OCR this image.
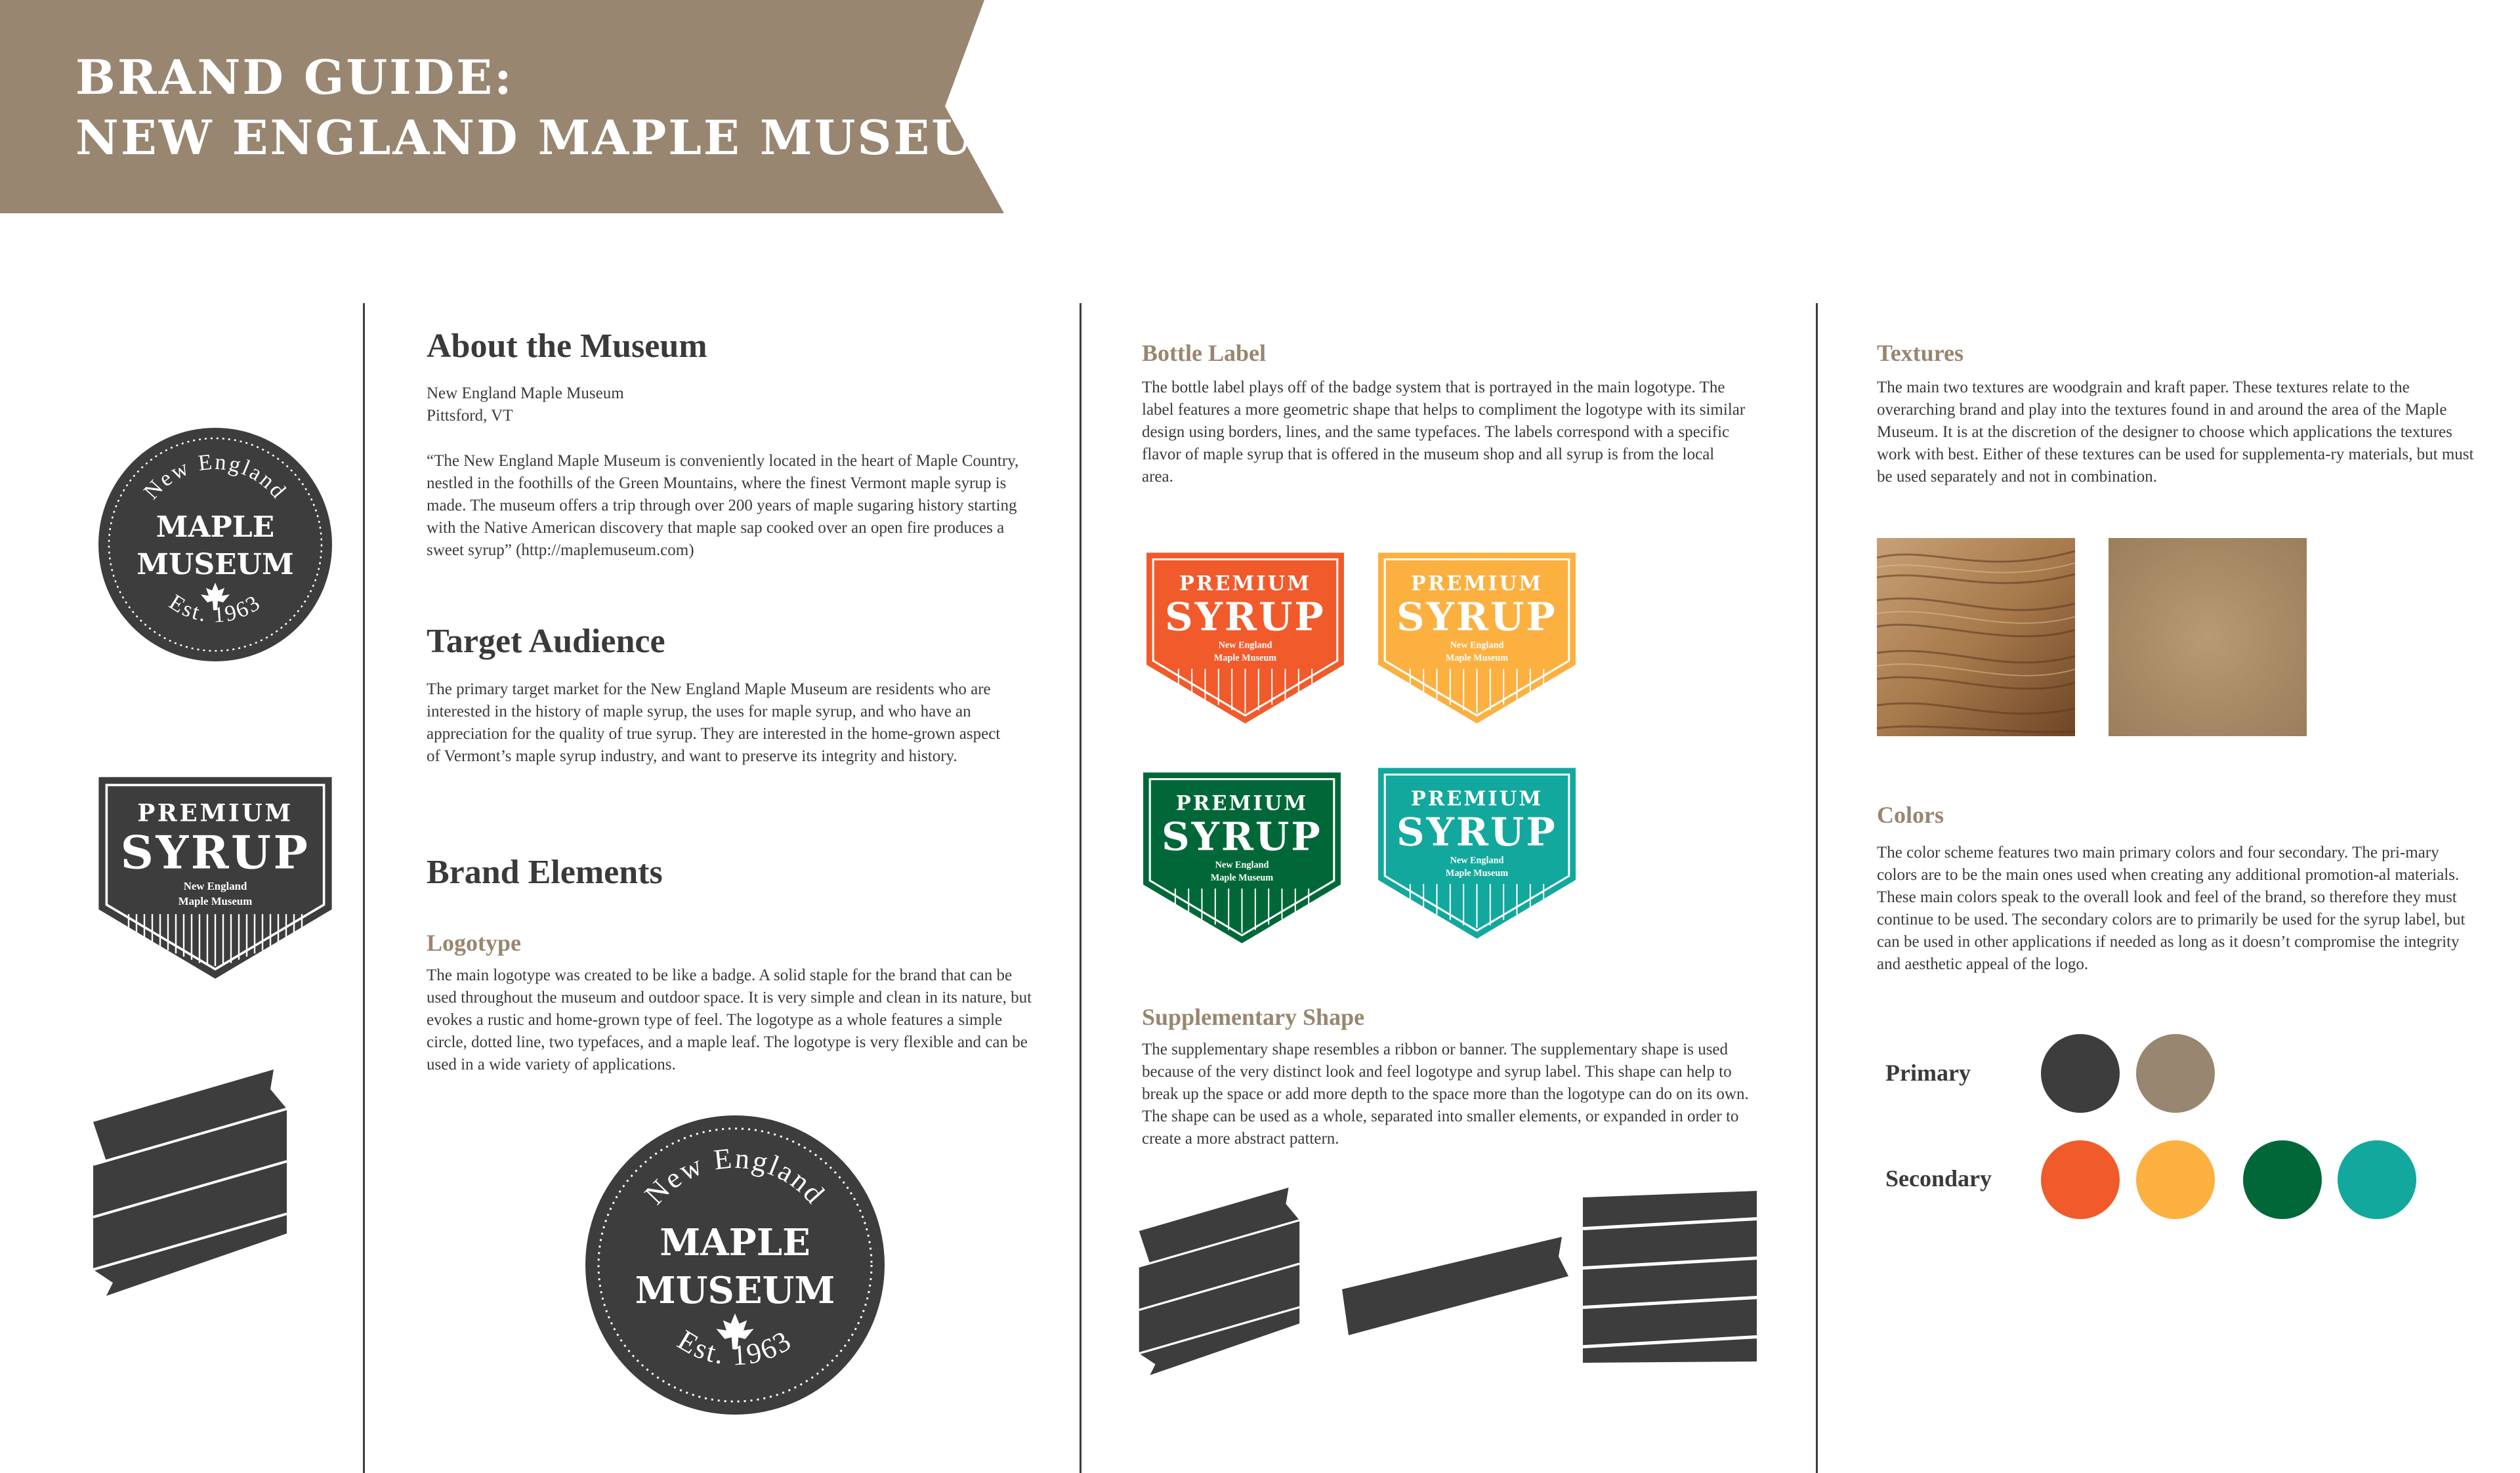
BRAND GUIDE:
NEW ENGLAND MAPLE MUSEUM
New England
MAPLE
MUSEUM
Est. 1963
PREMIUM
SYRUP
New England
Maple Museum
About the Museum

New England Maple Museum

Pittsford, VT

“The New England Maple Museum is conveniently located in the heart of Maple Country, nestled in the foothills of the Green Mountains, where the finest Vermont maple syrup is made. The museum offers a trip through over 200 years of maple sugaring history starting with the Native American discovery that maple sap cooked over an open fire produces a sweet syrup” (http://maplemuseum.com)

Target Audience

The primary target market for the New England Maple Museum are residents who are interested in the history of maple syrup, the uses for maple syrup, and who have an appreciation for the quality of true syrup. They are interested in the home-grown aspect of Vermont’s maple syrup industry, and want to preserve its integrity and history.

Brand Elements
Logotype

The main logotype was created to be like a badge. A solid staple for the brand that can be used throughout the museum and outdoor space. It is very simple and clean in its nature, but evokes a rustic and home-grown type of feel. The logotype as a whole features a simple circle, dotted line, two typefaces, and a maple leaf. The logotype is very flexible and can be used in a wide variety of applications.

New England
MAPLE
MUSEUM
Est. 1963
Bottle Label

The bottle label plays off of the badge system that is portrayed in the main logotype. The label features a more geometric shape that helps to compliment the logotype with its similar design using borders, lines, and the same typefaces. The labels correspond with a specific flavor of maple syrup that is offered in the museum shop and all syrup is from the local area.

PREMIUM
SYRUP
New England
Maple Museum
PREMIUM
SYRUP
New England
Maple Museum
PREMIUM
SYRUP
New England
Maple Museum
PREMIUM
SYRUP
New England
Maple Museum
Supplementary Shape

The supplementary shape resembles a ribbon or banner. The supplementary shape is used because of the very distinct look and feel logotype and syrup label. This shape can help to break up the space or add more depth to the space more than the logotype can do on its own. The shape can be used as a whole, separated into smaller elements, or expanded in order to create a more abstract pattern.

Textures

The main two textures are woodgrain and kraft paper. These textures relate to the overarching brand and play into the textures found in and around the area of the Maple Museum. It is at the discretion of the designer to choose which applications the textures work with best. Either of these textures can be used for supplementa-ry materials, but must be used separately and not in combination.

Colors

The color scheme features two main primary colors and four secondary. The pri-mary colors are to be the main ones used when creating any additional promotion-al materials. These main colors speak to the overall look and feel of the brand, so therefore they must continue to be used. The secondary colors are to primarily be used for the syrup label, but can be used in other applications if needed as long as it doesn’t compromise the integrity and aesthetic appeal of the logo.

Primary
Secondary
